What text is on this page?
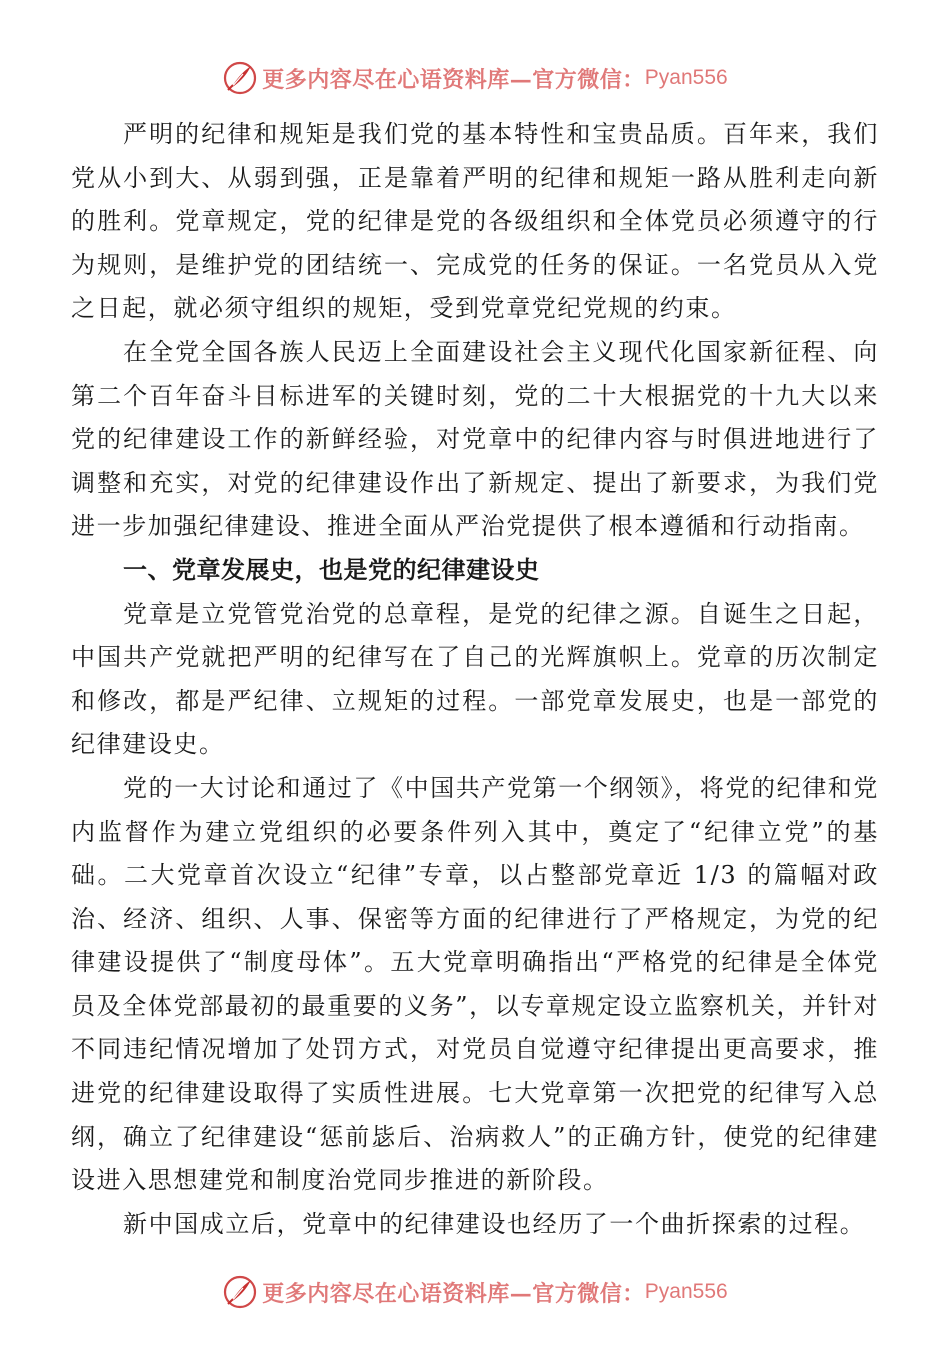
更多内容尽在心语资料库—官方微信： Pyan556

严明的纪律和规矩是我们党的基本特性和宝贵品质。百年来，我们党从小到大、从弱到强，正是靠着严明的纪律和规矩一路从胜利走向新的胜利。党章规定，党的纪律是党的各级组织和全体党员必须遵守的行为规则，是维护党的团结统一、完成党的任务的保证。一名党员从入党之日起，就必须守组织的规矩，受到党章党纪党规的约束。

在全党全国各族人民迈上全面建设社会主义现代化国家新征程、向第二个百年奋斗目标进军的关键时刻，党的二十大根据党的十九大以来党的纪律建设工作的新鲜经验，对党章中的纪律内容与时俱进地进行了调整和充实，对党的纪律建设作出了新规定、提出了新要求，为我们党进一步加强纪律建设、推进全面从严治党提供了根本遵循和行动指南。

一、党章发展史，也是党的纪律建设史

党章是立党管党治党的总章程，是党的纪律之源。自诞生之日起，中国共产党就把严明的纪律写在了自己的光辉旗帜上。党章的历次制定和修改，都是严纪律、立规矩的过程。一部党章发展史，也是一部党的纪律建设史。

党的一大讨论和通过了《中国共产党第一个纲领》，将党的纪律和党内监督作为建立党组织的必要条件列入其中，奠定了“纪律立党”的基础。二大党章首次设立“纪律”专章，以占整部党章近 1/3 的篇幅对政治、经济、组织、人事、保密等方面的纪律进行了严格规定，为党的纪律建设提供了“制度母体”。五大党章明确指出“严格党的纪律是全体党员及全体党部最初的最重要的义务”，以专章规定设立监察机关，并针对不同违纪情况增加了处罚方式，对党员自觉遵守纪律提出更高要求，推进党的纪律建设取得了实质性进展。七大党章第一次把党的纪律写入总纲，确立了纪律建设“惩前毖后、治病救人”的正确方针，使党的纪律建设进入思想建党和制度治党同步推进的新阶段。

新中国成立后，党章中的纪律建设也经历了一个曲折探索的过程。

更多内容尽在心语资料库—官方微信： Pyan556
